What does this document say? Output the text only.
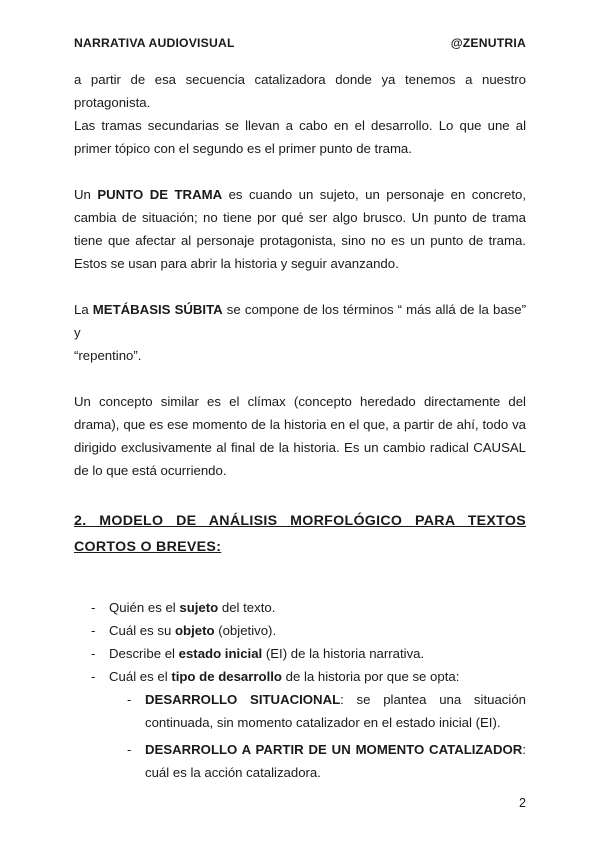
NARRATIVA AUDIOVISUAL	@ZENUTRIA

a partir de esa secuencia catalizadora donde ya tenemos a nuestro
protagonista.

Las tramas secundarias se llevan a cabo en el desarrollo. Lo que une al
primer tópico con el segundo es el primer punto de trama.

Un PUNTO DE TRAMA es cuando un sujeto, un personaje en concreto,
cambia de situación; no tiene por qué ser algo brusco. Un punto de trama
tiene que afectar al personaje protagonista, sino no es un punto de trama.
Estos se usan para abrir la historia y seguir avanzando.

La METÁBASIS SÚBITA se compone de los términos “ más allá de la base” y
“repentino”.

Un concepto similar es el clímax (concepto heredado directamente del
drama), que es ese momento de la historia en el que, a partir de ahí, todo va
dirigido exclusivamente al final de la historia. Es un cambio radical CAUSAL
de lo que está ocurriendo.

2. MODELO DE ANÁLISIS MORFOLÓGICO PARA TEXTOS
CORTOS O BREVES:
- Quién es el sujeto del texto.
- Cuál es su objeto (objetivo).
- Describe el estado inicial (EI) de la historia narrativa.
- Cuál es el tipo de desarrollo de la historia por que se opta:
- DESARROLLO SITUACIONAL: se plantea una situación
continuada, sin momento catalizador en el estado inicial (EI).
- DESARROLLO A PARTIR DE UN MOMENTO CATALIZADOR:
cuál es la acción catalizadora.
2
